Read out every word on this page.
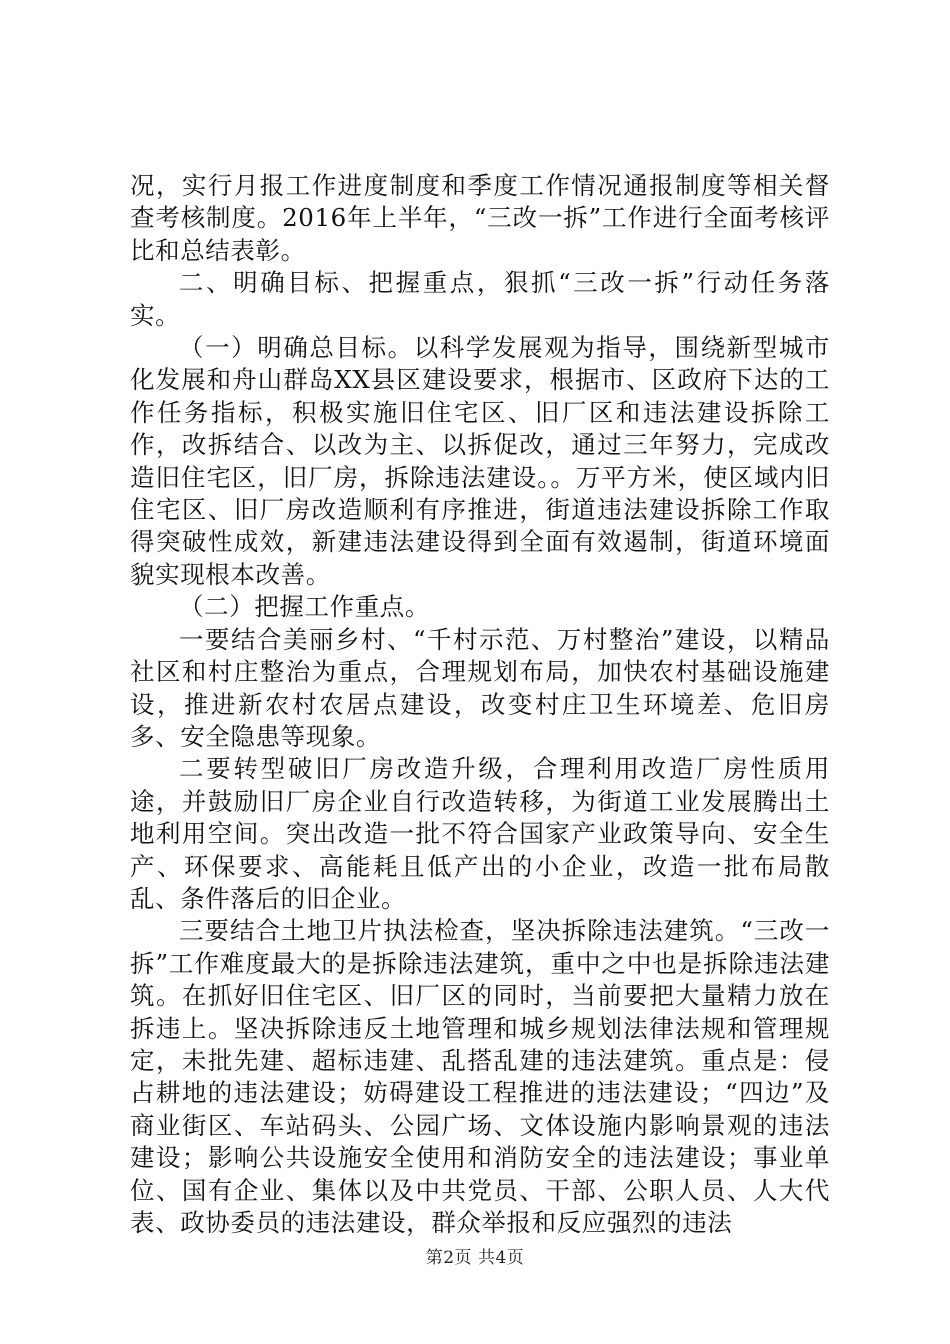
况，实行月报工作进度制度和季度工作情况通报制度等相关督查考核制度。2016年上半年，“三改一拆”工作进行全面考核评比和总结表彰。

二、明确目标、把握重点，狠抓“三改一拆”行动任务落实。

（一）明确总目标。以科学发展观为指导，围绕新型城市化发展和舟山群岛XX县区建设要求，根据市、区政府下达的工作任务指标，积极实施旧住宅区、旧厂区和违法建设拆除工作，改拆结合、以改为主、以拆促改，通过三年努力，完成改造旧住宅区，旧厂房，拆除违法建设。。万平方米，使区域内旧住宅区、旧厂房改造顺利有序推进，街道违法建设拆除工作取得突破性成效，新建违法建设得到全面有效遏制，街道环境面貌实现根本改善。

（二）把握工作重点。

一要结合美丽乡村、“千村示范、万村整治”建设，以精品社区和村庄整治为重点，合理规划布局，加快农村基础设施建设，推进新农村农居点建设，改变村庄卫生环境差、危旧房多、安全隐患等现象。

二要转型破旧厂房改造升级，合理利用改造厂房性质用途，并鼓励旧厂房企业自行改造转移，为街道工业发展腾出土地利用空间。突出改造一批不符合国家产业政策导向、安全生产、环保要求、高能耗且低产出的小企业，改造一批布局散乱、条件落后的旧企业。

三要结合土地卫片执法检查，坚决拆除违法建筑。“三改一拆”工作难度最大的是拆除违法建筑，重中之中也是拆除违法建筑。在抓好旧住宅区、旧厂区的同时，当前要把大量精力放在拆违上。坚决拆除违反土地管理和城乡规划法律法规和管理规定，未批先建、超标违建、乱搭乱建的违法建筑。重点是：侵占耕地的违法建设；妨碍建设工程推进的违法建设；“四边”及商业街区、车站码头、公园广场、文体设施内影响景观的违法建设；影响公共设施安全使用和消防安全的违法建设；事业单位、国有企业、集体以及中共党员、干部、公职人员、人大代表、政协委员的违法建设，群众举报和反应强烈的违法

第2页 共4页
